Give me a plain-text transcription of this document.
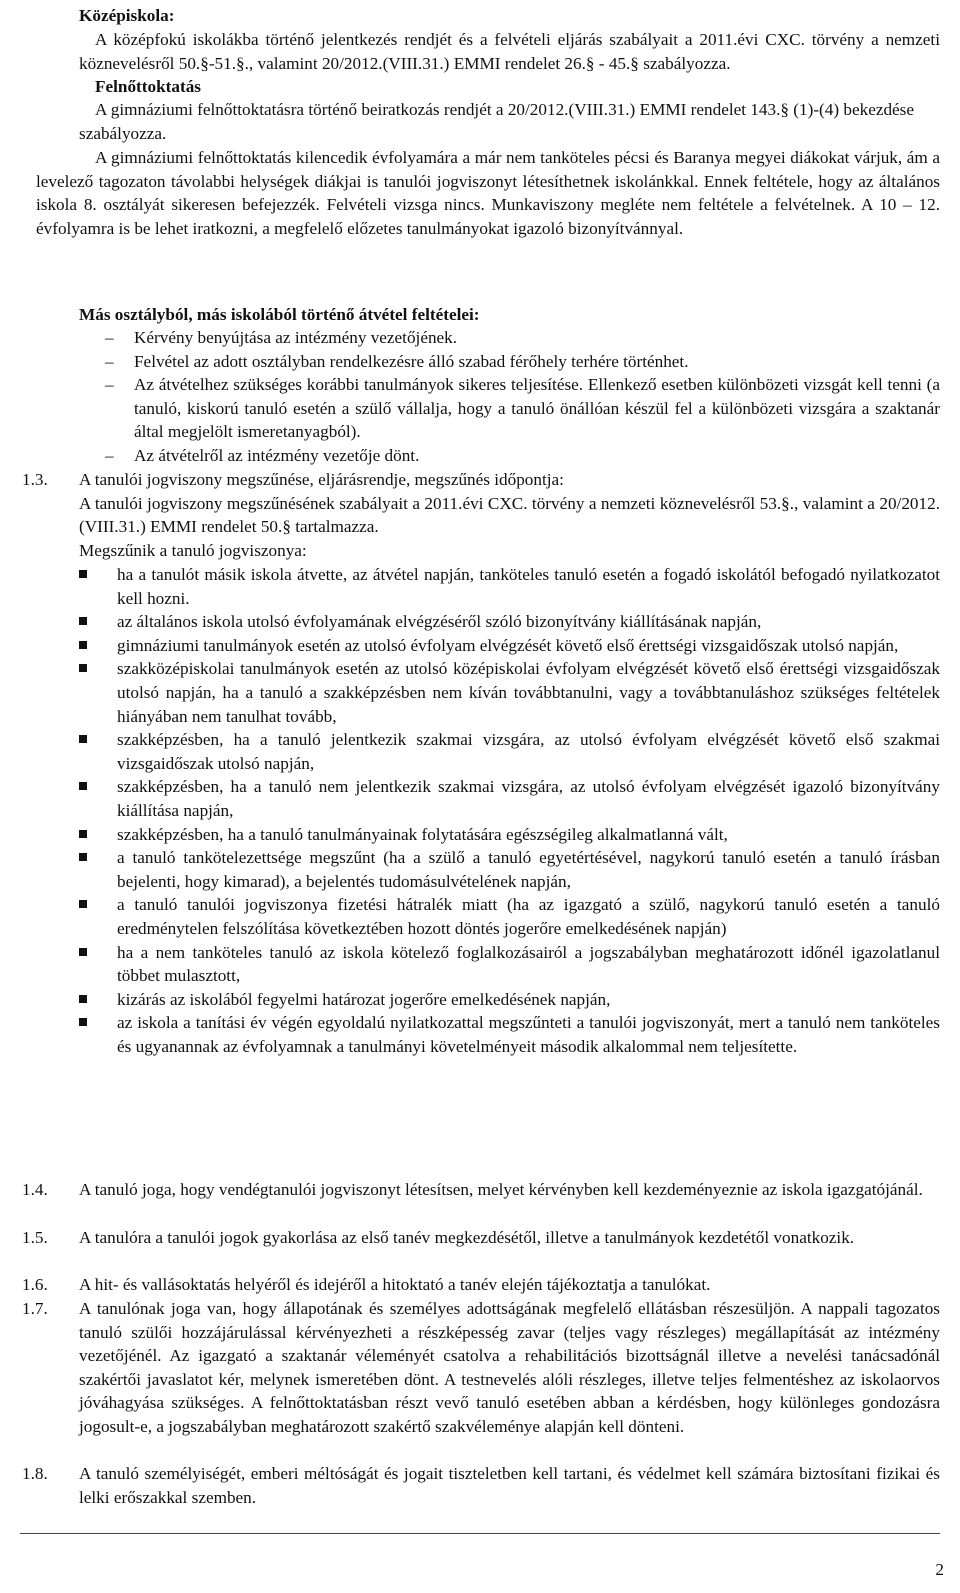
Középiskola:

A középfokú iskolákba történő jelentkezés rendjét és a felvételi eljárás szabályait a 2011.évi CXC. törvény a nemzeti köznevelésről 50.§-51.§., valamint 20/2012.(VIII.31.) EMMI rendelet 26.§ - 45.§ szabályozza.

Felnőttoktatás

A gimnáziumi felnőttoktatásra történő beiratkozás rendjét a 20/2012.(VIII.31.) EMMI rendelet 143.§ (1)-(4) bekezdése szabályozza.

A gimnáziumi felnőttoktatás kilencedik évfolyamára a már nem tanköteles pécsi és Baranya megyei diákokat várjuk, ám a levelező tagozaton távolabbi helységek diákjai is tanulói jogviszonyt létesíthetnek iskolánkkal. Ennek feltétele, hogy az általános iskola 8. osztályát sikeresen befejezzék. Felvételi vizsga nincs. Munkaviszony megléte nem feltétele a felvételnek. A 10 – 12. évfolyamra is be lehet iratkozni, a megfelelő előzetes tanulmányokat igazoló bizonyítvánnyal.

Más osztályból, más iskolából történő átvétel feltételei:

– Kérvény benyújtása az intézmény vezetőjének.
– Felvétel az adott osztályban rendelkezésre álló szabad férőhely terhére történhet.
– Az átvételhez szükséges korábbi tanulmányok sikeres teljesítése. Ellenkező esetben különbözeti vizsgát kell tenni (a tanuló, kiskorú tanuló esetén a szülő vállalja, hogy a tanuló önállóan készül fel a különbözeti vizsgára a szaktanár által megjelölt ismeretanyagból).
– Az átvételről az intézmény vezetője dönt.
1.3.	A tanulói jogviszony megszűnése, eljárásrendje, megszűnés időpontja:

A tanulói jogviszony megszűnésének szabályait a 2011.évi CXC. törvény a nemzeti köznevelésről 53.§., valamint a 20/2012.(VIII.31.) EMMI rendelet 50.§ tartalmazza.

Megszűnik a tanuló jogviszonya:

ha a tanulót másik iskola átvette, az átvétel napján, tanköteles tanuló esetén a fogadó iskolától befogadó nyilatkozatot kell hozni.
az általános iskola utolsó évfolyamának elvégzéséről szóló bizonyítvány kiállításának napján,
gimnáziumi tanulmányok esetén az utolsó évfolyam elvégzését követő első érettségi vizsgaidőszak utolsó napján,
szakközépiskolai tanulmányok esetén az utolsó középiskolai évfolyam elvégzését követő első érettségi vizsgaidőszak utolsó napján, ha a tanuló a szakképzésben nem kíván továbbtanulni, vagy a továbbtanuláshoz szükséges feltételek hiányában nem tanulhat tovább,
szakképzésben, ha a tanuló jelentkezik szakmai vizsgára, az utolsó évfolyam elvégzését követő első szakmai vizsgaidőszak utolsó napján,
szakképzésben, ha a tanuló nem jelentkezik szakmai vizsgára, az utolsó évfolyam elvégzését igazoló bizonyítvány kiállítása napján,
szakképzésben, ha a tanuló tanulmányainak folytatására egészségileg alkalmatlanná vált,
a tanuló tankötelezettsége megszűnt (ha a szülő a tanuló egyetértésével, nagykorú tanuló esetén a tanuló írásban bejelenti, hogy kimarad), a bejelentés tudomásulvételének napján,
a tanuló tanulói jogviszonya fizetési hátralék miatt (ha az igazgató a szülő, nagykorú tanuló esetén a tanuló eredménytelen felszólítása következtében hozott döntés jogerőre emelkedésének napján)
ha a nem tanköteles tanuló az iskola kötelező foglalkozásairól a jogszabályban meghatározott időnél igazolatlanul többet mulasztott,
kizárás az iskolából fegyelmi határozat jogerőre emelkedésének napján,
az iskola a tanítási év végén egyoldalú nyilatkozattal megszűnteti a tanulói jogviszonyát, mert a tanuló nem tanköteles és ugyanannak az évfolyamnak a tanulmányi követelményeit második alkalommal nem teljesítette.
1.4.	A tanuló joga, hogy vendégtanulói jogviszonyt létesítsen, melyet kérvényben kell kezdeményeznie az iskola igazgatójánál.
1.5.	A tanulóra a tanulói jogok gyakorlása az első tanév megkezdésétől, illetve a tanulmányok kezdetétől vonatkozik.
1.6.	A hit- és vallásoktatás helyéről és idejéről a hitoktató a tanév elején tájékoztatja a tanulókat.
1.7.	A tanulónak joga van, hogy állapotának és személyes adottságának megfelelő ellátásban részesüljön. A nappali tagozatos tanuló szülői hozzájárulással kérvényezheti a részképesség zavar (teljes vagy részleges) megállapítását az intézmény vezetőjénél. Az igazgató a szaktanár véleményét csatolva a rehabilitációs bizottságnál illetve a nevelési tanácsadónál szakértői javaslatot kér, melynek ismeretében dönt. A testnevelés alóli részleges, illetve teljes felmentéshez az iskolaorvos jóváhagyása szükséges. A felnőttoktatásban részt vevő tanuló esetében abban a kérdésben, hogy különleges gondozásra jogosult-e, a jogszabályban meghatározott szakértő szakvéleménye alapján kell dönteni.
1.8.	A tanuló személyiségét, emberi méltóságát és jogait tiszteletben kell tartani, és védelmet kell számára biztosítani fizikai és lelki erőszakkal szemben.
2
